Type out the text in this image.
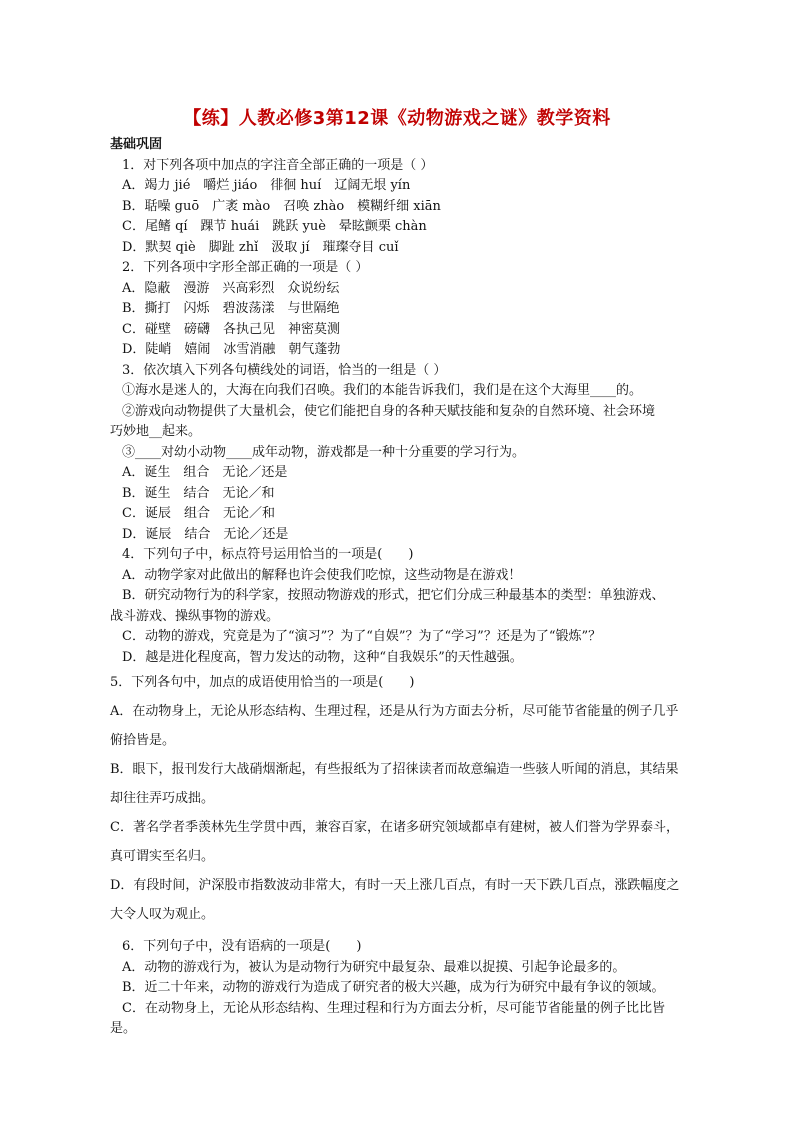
【练】人教必修3第12课《动物游戏之谜》教学资料
基础巩固
1．对下列各项中加点的字注音全部正确的一项是（ ）
A．竭力 jié　嚼烂 jiáo　徘徊 huí　辽阔无垠 yín
B．聒噪 guō　广袤 mào　召唤 zhào　模糊纤细 xiān
C．尾鳍 qí　踝节 huái　跳跃 yuè　晕眩颤栗 chàn
D．默契 qiè　脚趾 zhǐ　汲取 jí　璀璨夺目 cuǐ
2．下列各项中字形全部正确的一项是（ ）
A．隐蔽　漫游　兴高彩烈　众说纷纭
B．撕打　闪烁　碧波荡漾　与世隔绝
C．碰壁　磅礴　各执己见　神密莫测
D．陡峭　嬉闹　冰雪消融　朝气蓬勃
3．依次填入下列各句横线处的词语，恰当的一组是（ ）
①海水是迷人的，大海在向我们召唤。我们的本能告诉我们，我们是在这个大海里____的。
②游戏向动物提供了大量机会，使它们能把自身的各种天赋技能和复杂的自然环境、社会环境
巧妙地__起来。
③____对幼小动物____成年动物，游戏都是一种十分重要的学习行为。
A．诞生　组合　无论／还是
B．诞生　结合　无论／和
C．诞辰　组合　无论／和
D．诞辰　结合　无论／还是
4．下列句子中，标点符号运用恰当的一项是(　　)
A．动物学家对此做出的解释也许会使我们吃惊，这些动物是在游戏！
B．研究动物行为的科学家，按照动物游戏的形式，把它们分成三种最基本的类型：单独游戏、
战斗游戏、操纵事物的游戏。
C．动物的游戏，究竟是为了“演习”？为了“自娱”？为了“学习”？还是为了“锻炼”？
D．越是进化程度高，智力发达的动物，这种“自我娱乐”的天性越强。
5．下列各句中，加点的成语使用恰当的一项是(　　)
A．在动物身上，无论从形态结构、生理过程，还是从行为方面去分析，尽可能节省能量的例子几乎
俯拾皆是。
B．眼下，报刊发行大战硝烟渐起，有些报纸为了招徕读者而故意编造一些骇人听闻的消息，其结果
却往往弄巧成拙。
C．著名学者季羡林先生学贯中西，兼容百家，在诸多研究领域都卓有建树，被人们誉为学界泰斗，
真可谓实至名归。
D．有段时间，沪深股市指数波动非常大，有时一天上涨几百点，有时一天下跌几百点，涨跌幅度之
大令人叹为观止。
6．下列句子中，没有语病的一项是(　　)
A．动物的游戏行为，被认为是动物行为研究中最复杂、最难以捉摸、引起争论最多的。
B．近二十年来，动物的游戏行为造成了研究者的极大兴趣，成为行为研究中最有争议的领域。
C．在动物身上，无论从形态结构、生理过程和行为方面去分析，尽可能节省能量的例子比比皆
是。
